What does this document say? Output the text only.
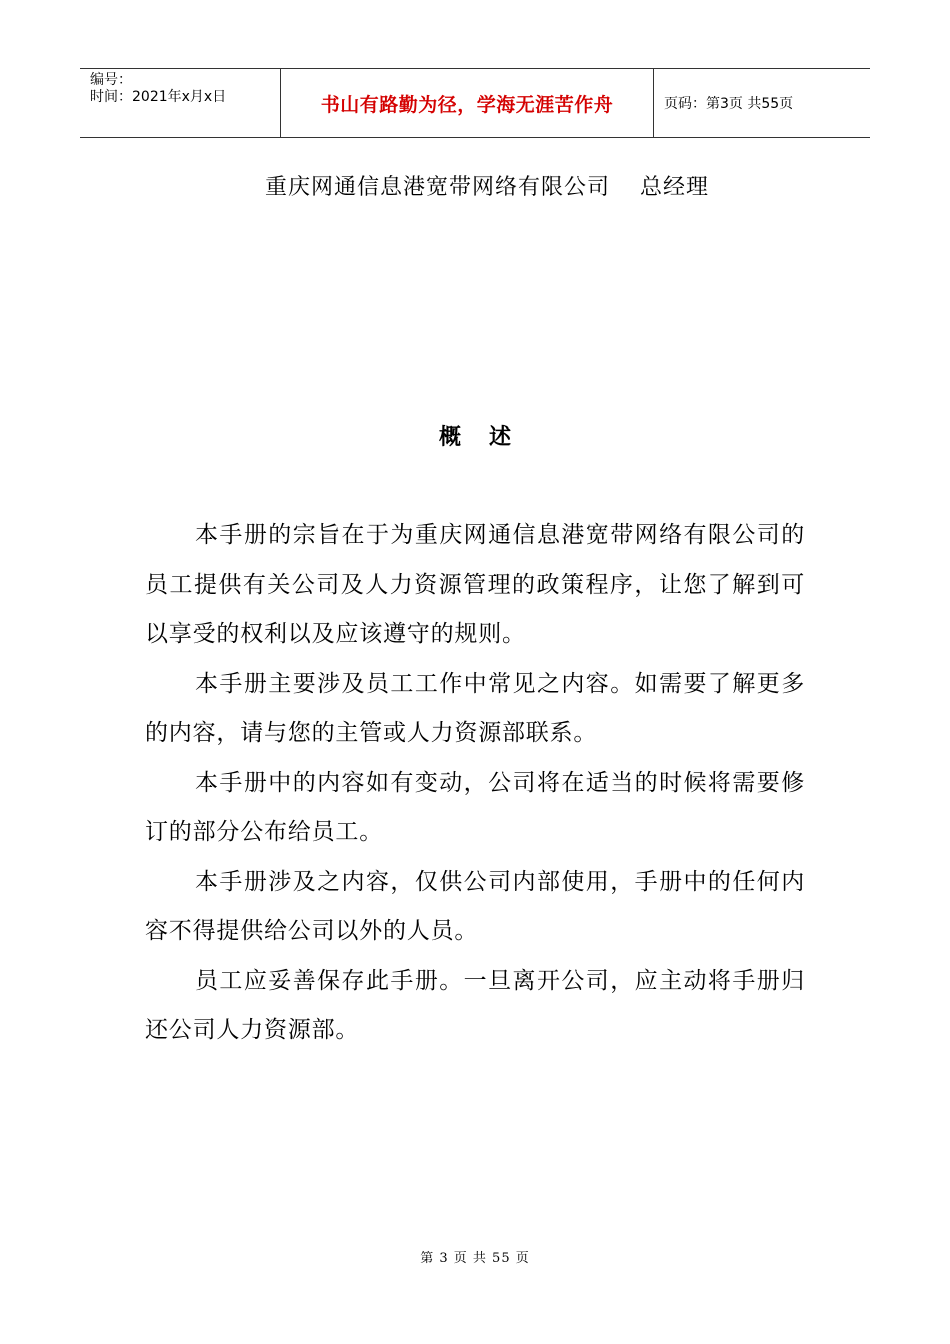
编号：
时间：2021年x月x日	书山有路勤为径，学海无涯苦作舟	页码：第3页 共55页
重庆网通信息港宽带网络有限公司 总经理
概述

本手册的宗旨在于为重庆网通信息港宽带网络有限公司的员工提供有关公司及人力资源管理的政策程序，让您了解到可以享受的权利以及应该遵守的规则。

本手册主要涉及员工工作中常见之内容。如需要了解更多的内容，请与您的主管或人力资源部联系。

本手册中的内容如有变动，公司将在适当的时候将需要修订的部分公布给员工。

本手册涉及之内容，仅供公司内部使用，手册中的任何内容不得提供给公司以外的人员。

员工应妥善保存此手册。一旦离开公司，应主动将手册归还公司人力资源部。

第 3 页 共 55 页
